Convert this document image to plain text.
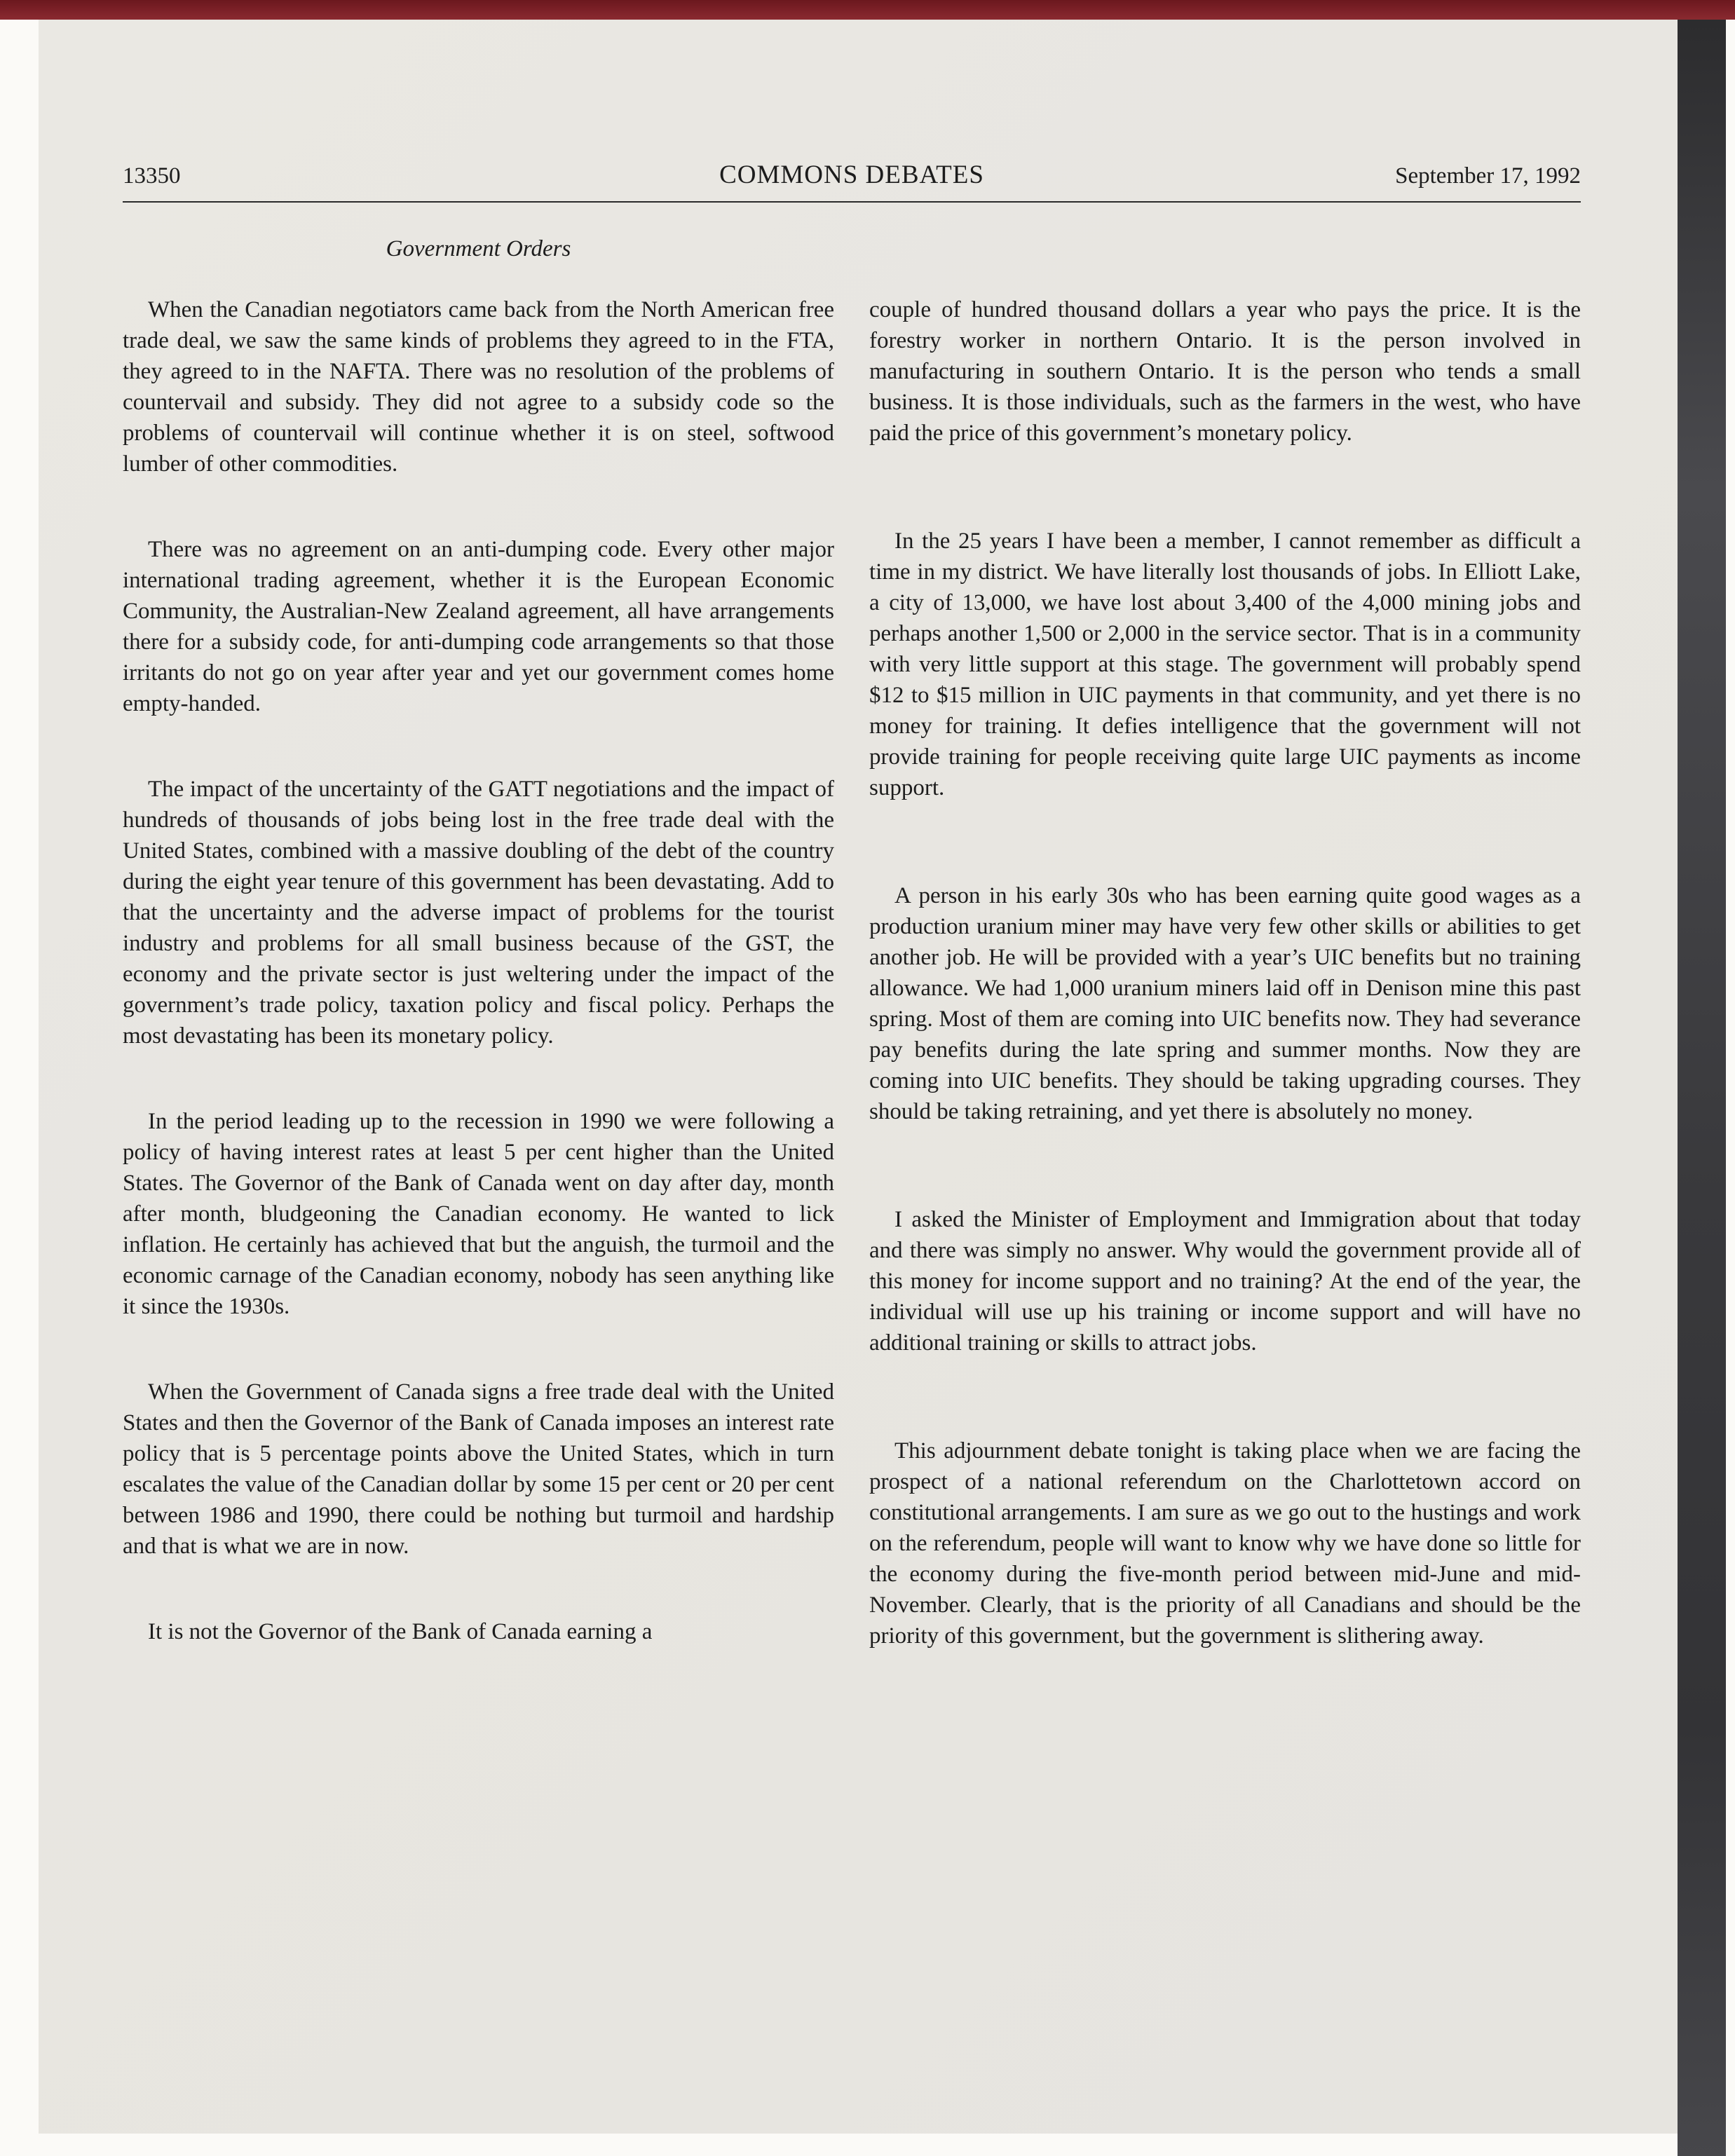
13350	COMMONS DEBATES	September 17, 1992
Government Orders

When the Canadian negotiators came back from the North American free trade deal, we saw the same kinds of problems they agreed to in the FTA, they agreed to in the NAFTA. There was no resolution of the problems of countervail and subsidy. They did not agree to a subsidy code so the problems of countervail will continue whether it is on steel, softwood lumber of other commodities.

There was no agreement on an anti-dumping code. Every other major international trading agreement, whether it is the European Economic Community, the Australian-New Zealand agreement, all have arrangements there for a subsidy code, for anti-dumping code arrangements so that those irritants do not go on year after year and yet our government comes home empty-handed.

The impact of the uncertainty of the GATT negotiations and the impact of hundreds of thousands of jobs being lost in the free trade deal with the United States, combined with a massive doubling of the debt of the country during the eight year tenure of this government has been devastating. Add to that the uncertainty and the adverse impact of problems for the tourist industry and problems for all small business because of the GST, the economy and the private sector is just weltering under the impact of the government’s trade policy, taxation policy and fiscal policy. Perhaps the most devastating has been its monetary policy.

In the period leading up to the recession in 1990 we were following a policy of having interest rates at least 5 per cent higher than the United States. The Governor of the Bank of Canada went on day after day, month after month, bludgeoning the Canadian economy. He wanted to lick inflation. He certainly has achieved that but the anguish, the turmoil and the economic carnage of the Canadian economy, nobody has seen anything like it since the 1930s.

When the Government of Canada signs a free trade deal with the United States and then the Governor of the Bank of Canada imposes an interest rate policy that is 5 percentage points above the United States, which in turn escalates the value of the Canadian dollar by some 15 per cent or 20 per cent between 1986 and 1990, there could be nothing but turmoil and hardship and that is what we are in now.

It is not the Governor of the Bank of Canada earning a

couple of hundred thousand dollars a year who pays the price. It is the forestry worker in northern Ontario. It is the person involved in manufacturing in southern Ontario. It is the person who tends a small business. It is those individuals, such as the farmers in the west, who have paid the price of this government’s monetary policy.

In the 25 years I have been a member, I cannot remember as difficult a time in my district. We have literally lost thousands of jobs. In Elliott Lake, a city of 13,000, we have lost about 3,400 of the 4,000 mining jobs and perhaps another 1,500 or 2,000 in the service sector. That is in a community with very little support at this stage. The government will probably spend $12 to $15 million in UIC payments in that community, and yet there is no money for training. It defies intelligence that the government will not provide training for people receiving quite large UIC payments as income support.

A person in his early 30s who has been earning quite good wages as a production uranium miner may have very few other skills or abilities to get another job. He will be provided with a year’s UIC benefits but no training allowance. We had 1,000 uranium miners laid off in Denison mine this past spring. Most of them are coming into UIC benefits now. They had severance pay benefits during the late spring and summer months. Now they are coming into UIC benefits. They should be taking upgrading courses. They should be taking retraining, and yet there is absolutely no money.

I asked the Minister of Employment and Immigration about that today and there was simply no answer. Why would the government provide all of this money for income support and no training? At the end of the year, the individual will use up his training or income support and will have no additional training or skills to attract jobs.

This adjournment debate tonight is taking place when we are facing the prospect of a national referendum on the Charlottetown accord on constitutional arrangements. I am sure as we go out to the hustings and work on the referendum, people will want to know why we have done so little for the economy during the five-month period between mid-June and mid-November. Clearly, that is the priority of all Canadians and should be the priority of this government, but the government is slithering away.
